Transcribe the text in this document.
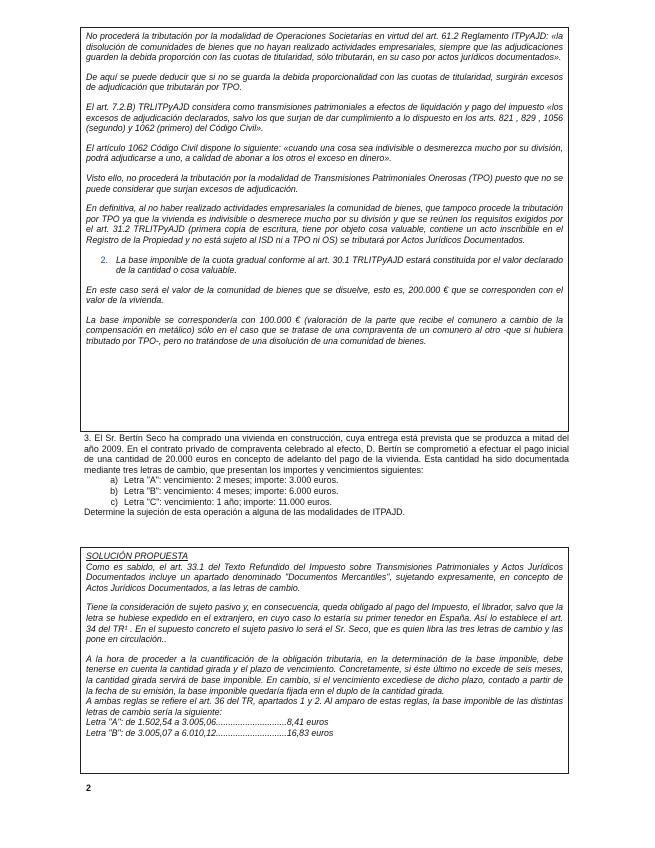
No procederá la tributación por la modalidad de Operaciones Societarias en virtud del art. 61.2 Reglamento ITPyAJD: «la disolución de comunidades de bienes que no hayan realizado actividades empresariales, siempre que las adjudicaciones guarden la debida proporción con las cuotas de titularidad, sólo tributarán, en su caso por actos jurídicos documentados».

De aquí se puede deducir que si no se guarda la debida proporcionalidad con las cuotas de titularidad, surgirán excesos de adjudicación que tributarán por TPO.

El art. 7.2.B) TRLITPyAJD considera como transmisiones patrimoniales a efectos de liquidación y pago del impuesto «los excesos de adjudicación declarados, salvo los que surjan de dar cumplimiento a lo dispuesto en los arts. 821 , 829 , 1056 (segundo) y 1062 (primero) del Código Civil».

El artículo 1062 Código Civil dispone lo siguiente: «cuando una cosa sea indivisible o desmerezca mucho por su división, podrá adjudicarse a uno, a calidad de abonar a los otros el exceso en dinero».

Visto ello, no procederá la tributación por la modalidad de Transmisiones Patrimoniales Onerosas (TPO) puesto que no se puede considerar que surjan excesos de adjudicación.

En definitiva, al no haber realizado actividades empresariales la comunidad de bienes, que tampoco procede la tributación por TPO ya que la vivienda es indivisible o desmerece mucho por su división y que se reúnen los requisitos exigidos por el art. 31.2 TRLITPyAJD (primera copia de escritura, tiene por objeto cosa valuable, contiene un acto inscribible en el Registro de la Propiedad y no está sujeto al ISD ni a TPO ni OS) se tributará por Actos Jurídicos Documentados.

2. La base imponible de la cuota gradual conforme al art. 30.1 TRLITPyAJD estará constituida por el valor declarado de la cantidad o cosa valuable.

En este caso será el valor de la comunidad de bienes que se disuelve, esto es, 200.000 € que se corresponden con el valor de la vivienda.

La base imponible se correspondería con 100.000 € (valoración de la parte que recibe el comunero a cambio de la compensación en metálico) sólo en el caso que se tratase de una compraventa de un comunero al otro -que si hubiera tributado por TPO-, pero no tratándose de una disolución de una comunidad de bienes.

3. El Sr. Bertín Seco ha comprado una vivienda en construcción, cuya entrega está prevista que se produzca a mitad del año 2009. En el contrato privado de compraventa celebrado al efecto, D. Bertín se comprometió a efectuar el pago inicial de una cantidad de 20.000 euros en concepto de adelanto del pago de la vivienda. Esta cantidad ha sido documentada mediante tres letras de cambio, que presentan los importes y vencimientos siguientes:

a) Letra "A": vencimiento: 2 meses; importe: 3.000 euros.
b) Letra "B": vencimiento: 4 meses; importe: 6.000 euros.
c) Letra "C": vencimiento: 1 año; importe: 11.000 euros.

Determine la sujeción de esta operación a alguna de las modalidades de ITPAJD.

SOLUCIÓN PROPUESTA

Como es sabido, el art. 33.1 del Texto Refundido del Impuesto sobre Transmisiones Patrimoniales y Actos Jurídicos Documentados incluye un apartado denominado "Documentos Mercantiles", sujetando expresamente, en concepto de Actos Jurídicos Documentados, a las letras de cambio.

Tiene la consideración de sujeto pasivo y, en consecuencia, queda obligado al pago del Impuesto, el librador, salvo que la letra se hubiese expedido en el extranjero, en cuyo caso lo estaría su primer tenedor en España. Así lo establece el art. 34 del TR¹ . En el supuesto concreto el sujeto pasivo lo será el Sr. Seco, que es quien libra las tres letras de cambio y las pone en circulación..

A la hora de proceder a la cuantificación de la obligación tributaria, en la determinación de la base imponible, debe tenerse en cuenta la cantidad girada y el plazo de vencimiento. Concretamente, si éste último no excede de seis meses, la cantidad girada servirá de base imponible. En cambio, si el vencimiento excediese de dicho plazo, contado a partir de la fecha de su emisión, la base imponible quedaría fijada enn el duplo de la cantidad girada.

A ambas reglas se refiere el art. 36 del TR, apartados 1 y 2. Al amparo de estas reglas, la base imponible de las distintas letras de cambio sería la siguiente:

Letra "A": de 1.502,54 a 3.005,06.............................8,41 euros

Letra "B": de 3.005,07 a 6.010,12.............................16,83 euros

2
